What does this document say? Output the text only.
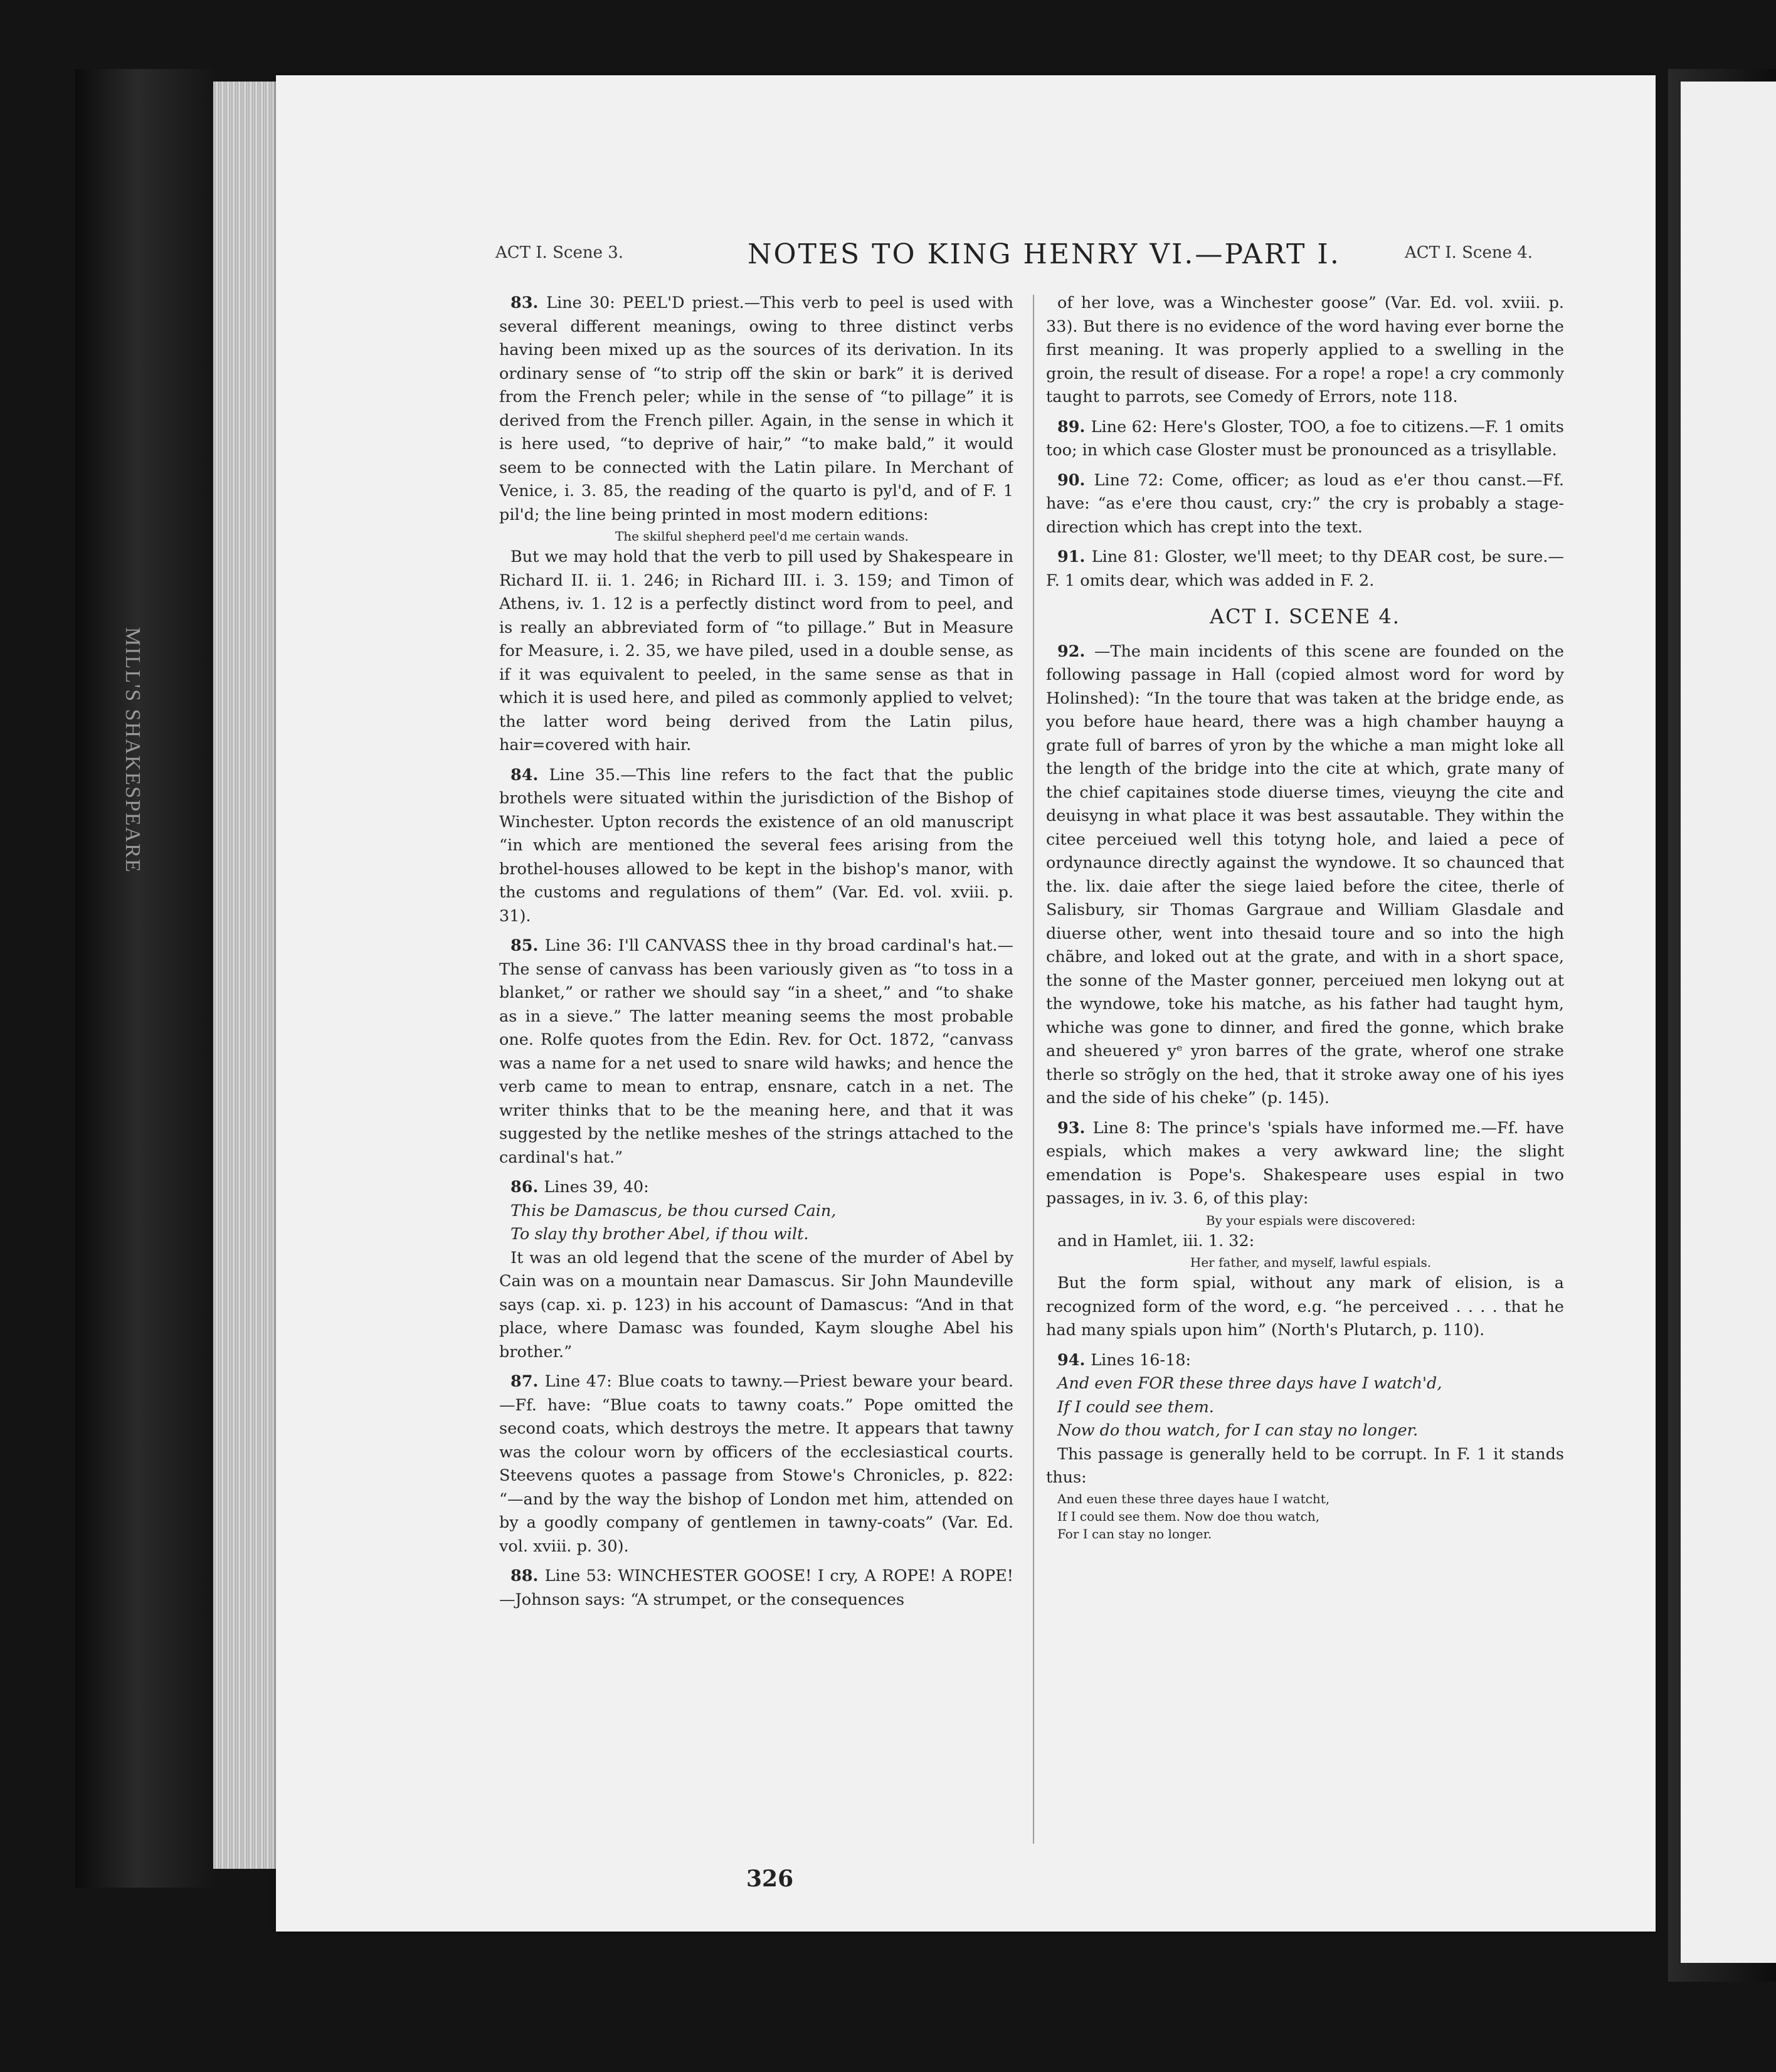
MILL'S SHAKESPEARE
ACT I. Scene 3.	NOTES TO KING HENRY VI.—PART I.	ACT I. Scene 4.

83. Line 30: PEEL'D priest.—This verb to peel is used with several different meanings, owing to three distinct verbs having been mixed up as the sources of its derivation. In its ordinary sense of “to strip off the skin or bark” it is derived from the French peler; while in the sense of “to pillage” it is derived from the French piller. Again, in the sense in which it is here used, “to deprive of hair,” “to make bald,” it would seem to be connected with the Latin pilare. In Merchant of Venice, i. 3. 85, the reading of the quarto is pyl'd, and of F. 1 pil'd; the line being printed in most modern editions:

The skilful shepherd peel'd me certain wands.

But we may hold that the verb to pill used by Shakespeare in Richard II. ii. 1. 246; in Richard III. i. 3. 159; and Timon of Athens, iv. 1. 12 is a perfectly distinct word from to peel, and is really an abbreviated form of “to pillage.” But in Measure for Measure, i. 2. 35, we have piled, used in a double sense, as if it was equivalent to peeled, in the same sense as that in which it is used here, and piled as commonly applied to velvet; the latter word being derived from the Latin pilus, hair=covered with hair.

84. Line 35.—This line refers to the fact that the public brothels were situated within the jurisdiction of the Bishop of Winchester. Upton records the existence of an old manuscript “in which are mentioned the several fees arising from the brothel-houses allowed to be kept in the bishop's manor, with the customs and regulations of them” (Var. Ed. vol. xviii. p. 31).

85. Line 36: I'll CANVASS thee in thy broad cardinal's hat.—The sense of canvass has been variously given as “to toss in a blanket,” or rather we should say “in a sheet,” and “to shake as in a sieve.” The latter meaning seems the most probable one. Rolfe quotes from the Edin. Rev. for Oct. 1872, “canvass was a name for a net used to snare wild hawks; and hence the verb came to mean to entrap, ensnare, catch in a net. The writer thinks that to be the meaning here, and that it was suggested by the netlike meshes of the strings attached to the cardinal's hat.”

86. Lines 39, 40:

This be Damascus, be thou cursed Cain,

To slay thy brother Abel, if thou wilt.

It was an old legend that the scene of the murder of Abel by Cain was on a mountain near Damascus. Sir John Maundeville says (cap. xi. p. 123) in his account of Damascus: “And in that place, where Damasc was founded, Kaym sloughe Abel his brother.”

87. Line 47: Blue coats to tawny.—Priest beware your beard.—Ff. have: “Blue coats to tawny coats.” Pope omitted the second coats, which destroys the metre. It appears that tawny was the colour worn by officers of the ecclesiastical courts. Steevens quotes a passage from Stowe's Chronicles, p. 822: “—and by the way the bishop of London met him, attended on by a goodly company of gentlemen in tawny-coats” (Var. Ed. vol. xviii. p. 30).

88. Line 53: WINCHESTER GOOSE! I cry, A ROPE! A ROPE!—Johnson says: “A strumpet, or the consequences

of her love, was a Winchester goose” (Var. Ed. vol. xviii. p. 33). But there is no evidence of the word having ever borne the first meaning. It was properly applied to a swelling in the groin, the result of disease. For a rope! a rope! a cry commonly taught to parrots, see Comedy of Errors, note 118.

89. Line 62: Here's Gloster, TOO, a foe to citizens.—F. 1 omits too; in which case Gloster must be pronounced as a trisyllable.

90. Line 72: Come, officer; as loud as e'er thou canst.—Ff. have: “as e'ere thou caust, cry:” the cry is probably a stage-direction which has crept into the text.

91. Line 81: Gloster, we'll meet; to thy DEAR cost, be sure.—F. 1 omits dear, which was added in F. 2.

ACT I. SCENE 4.

92. —The main incidents of this scene are founded on the following passage in Hall (copied almost word for word by Holinshed): “In the toure that was taken at the bridge ende, as you before haue heard, there was a high chamber hauyng a grate full of barres of yron by the whiche a man might loke all the length of the bridge into the cite at which, grate many of the chief capitaines stode diuerse times, vieuyng the cite and deuisyng in what place it was best assautable. They within the citee perceiued well this totyng hole, and laied a pece of ordynaunce directly against the wyndowe. It so chaunced that the. lix. daie after the siege laied before the citee, therle of Salisbury, sir Thomas Gargraue and William Glasdale and diuerse other, went into thesaid toure and so into the high chãbre, and loked out at the grate, and with in a short space, the sonne of the Master gonner, perceiued men lokyng out at the wyndowe, toke his matche, as his father had taught hym, whiche was gone to dinner, and fired the gonne, which brake and sheuered yᵉ yron barres of the grate, wherof one strake therle so strõgly on the hed, that it stroke away one of his iyes and the side of his cheke” (p. 145).

93. Line 8: The prince's 'spials have informed me.—Ff. have espials, which makes a very awkward line; the slight emendation is Pope's. Shakespeare uses espial in two passages, in iv. 3. 6, of this play:

By your espials were discovered:

and in Hamlet, iii. 1. 32:

Her father, and myself, lawful espials.

But the form spial, without any mark of elision, is a recognized form of the word, e.g. “he perceived . . . . that he had many spials upon him” (North's Plutarch, p. 110).

94. Lines 16-18:

And even FOR these three days have I watch'd,

If I could see them.

Now do thou watch, for I can stay no longer.

This passage is generally held to be corrupt. In F. 1 it stands thus:

And euen these three dayes haue I watcht,

If I could see them. Now doe thou watch,

For I can stay no longer.

326
